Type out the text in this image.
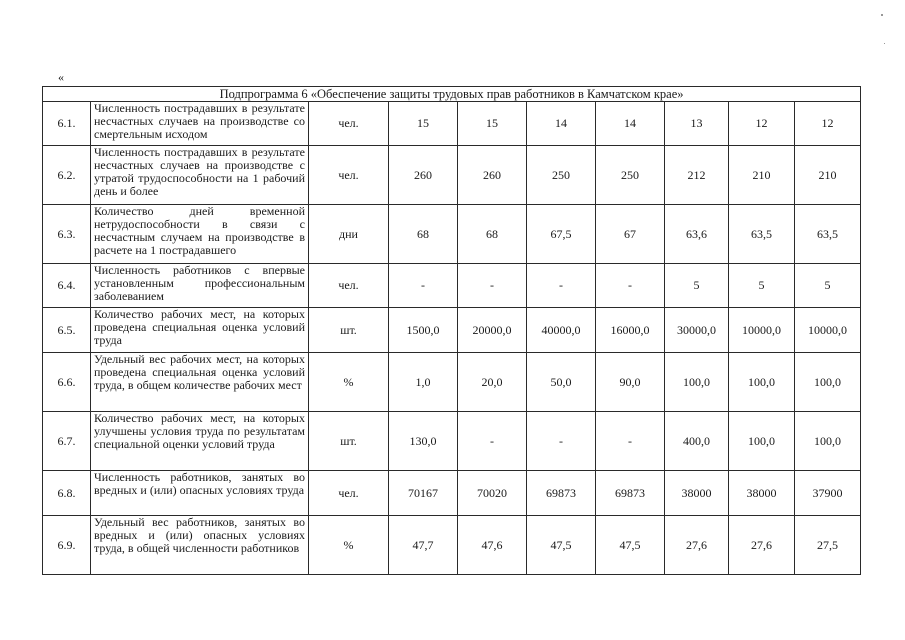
«
Подпрограмма 6 «Обеспечение защиты трудовых прав работников в Камчатском крае»									
6.1.	Численность пострадавших в результате несчастных случаев на производстве со смертельным исходом	чел.	15	15	14	14	13	12	12
6.2.	Численность пострадавших в результате несчастных случаев на производстве с утратой трудоспособности на 1 рабочий день и более	чел.	260	260	250	250	212	210	210
6.3.	Количество дней временной нетрудоспособности в связи с несчастным случаем на производстве в расчете на 1 пострадавшего	дни	68	68	67,5	67	63,6	63,5	63,5
6.4.	Численность работников с впервые установленным профессиональным заболеванием	чел.	-	-	-	-	5	5	5
6.5.	Количество рабочих мест, на которых проведена специальная оценка условий труда	шт.	1500,0	20000,0	40000,0	16000,0	30000,0	10000,0	10000,0
6.6.	Удельный вес рабочих мест, на которых проведена специальная оценка условий труда, в общем количестве рабочих мест	%	1,0	20,0	50,0	90,0	100,0	100,0	100,0
6.7.	Количество рабочих мест, на которых улучшены условия труда по результатам специальной оценки условий труда	шт.	130,0	-	-	-	400,0	100,0	100,0
6.8.	Численность работников, занятых во вредных и (или) опасных условиях труда	чел.	70167	70020	69873	69873	38000	38000	37900
6.9.	Удельный вес работников, занятых во вредных и (или) опасных условиях труда, в общей численности работников	%	47,7	47,6	47,5	47,5	27,6	27,6	27,5
